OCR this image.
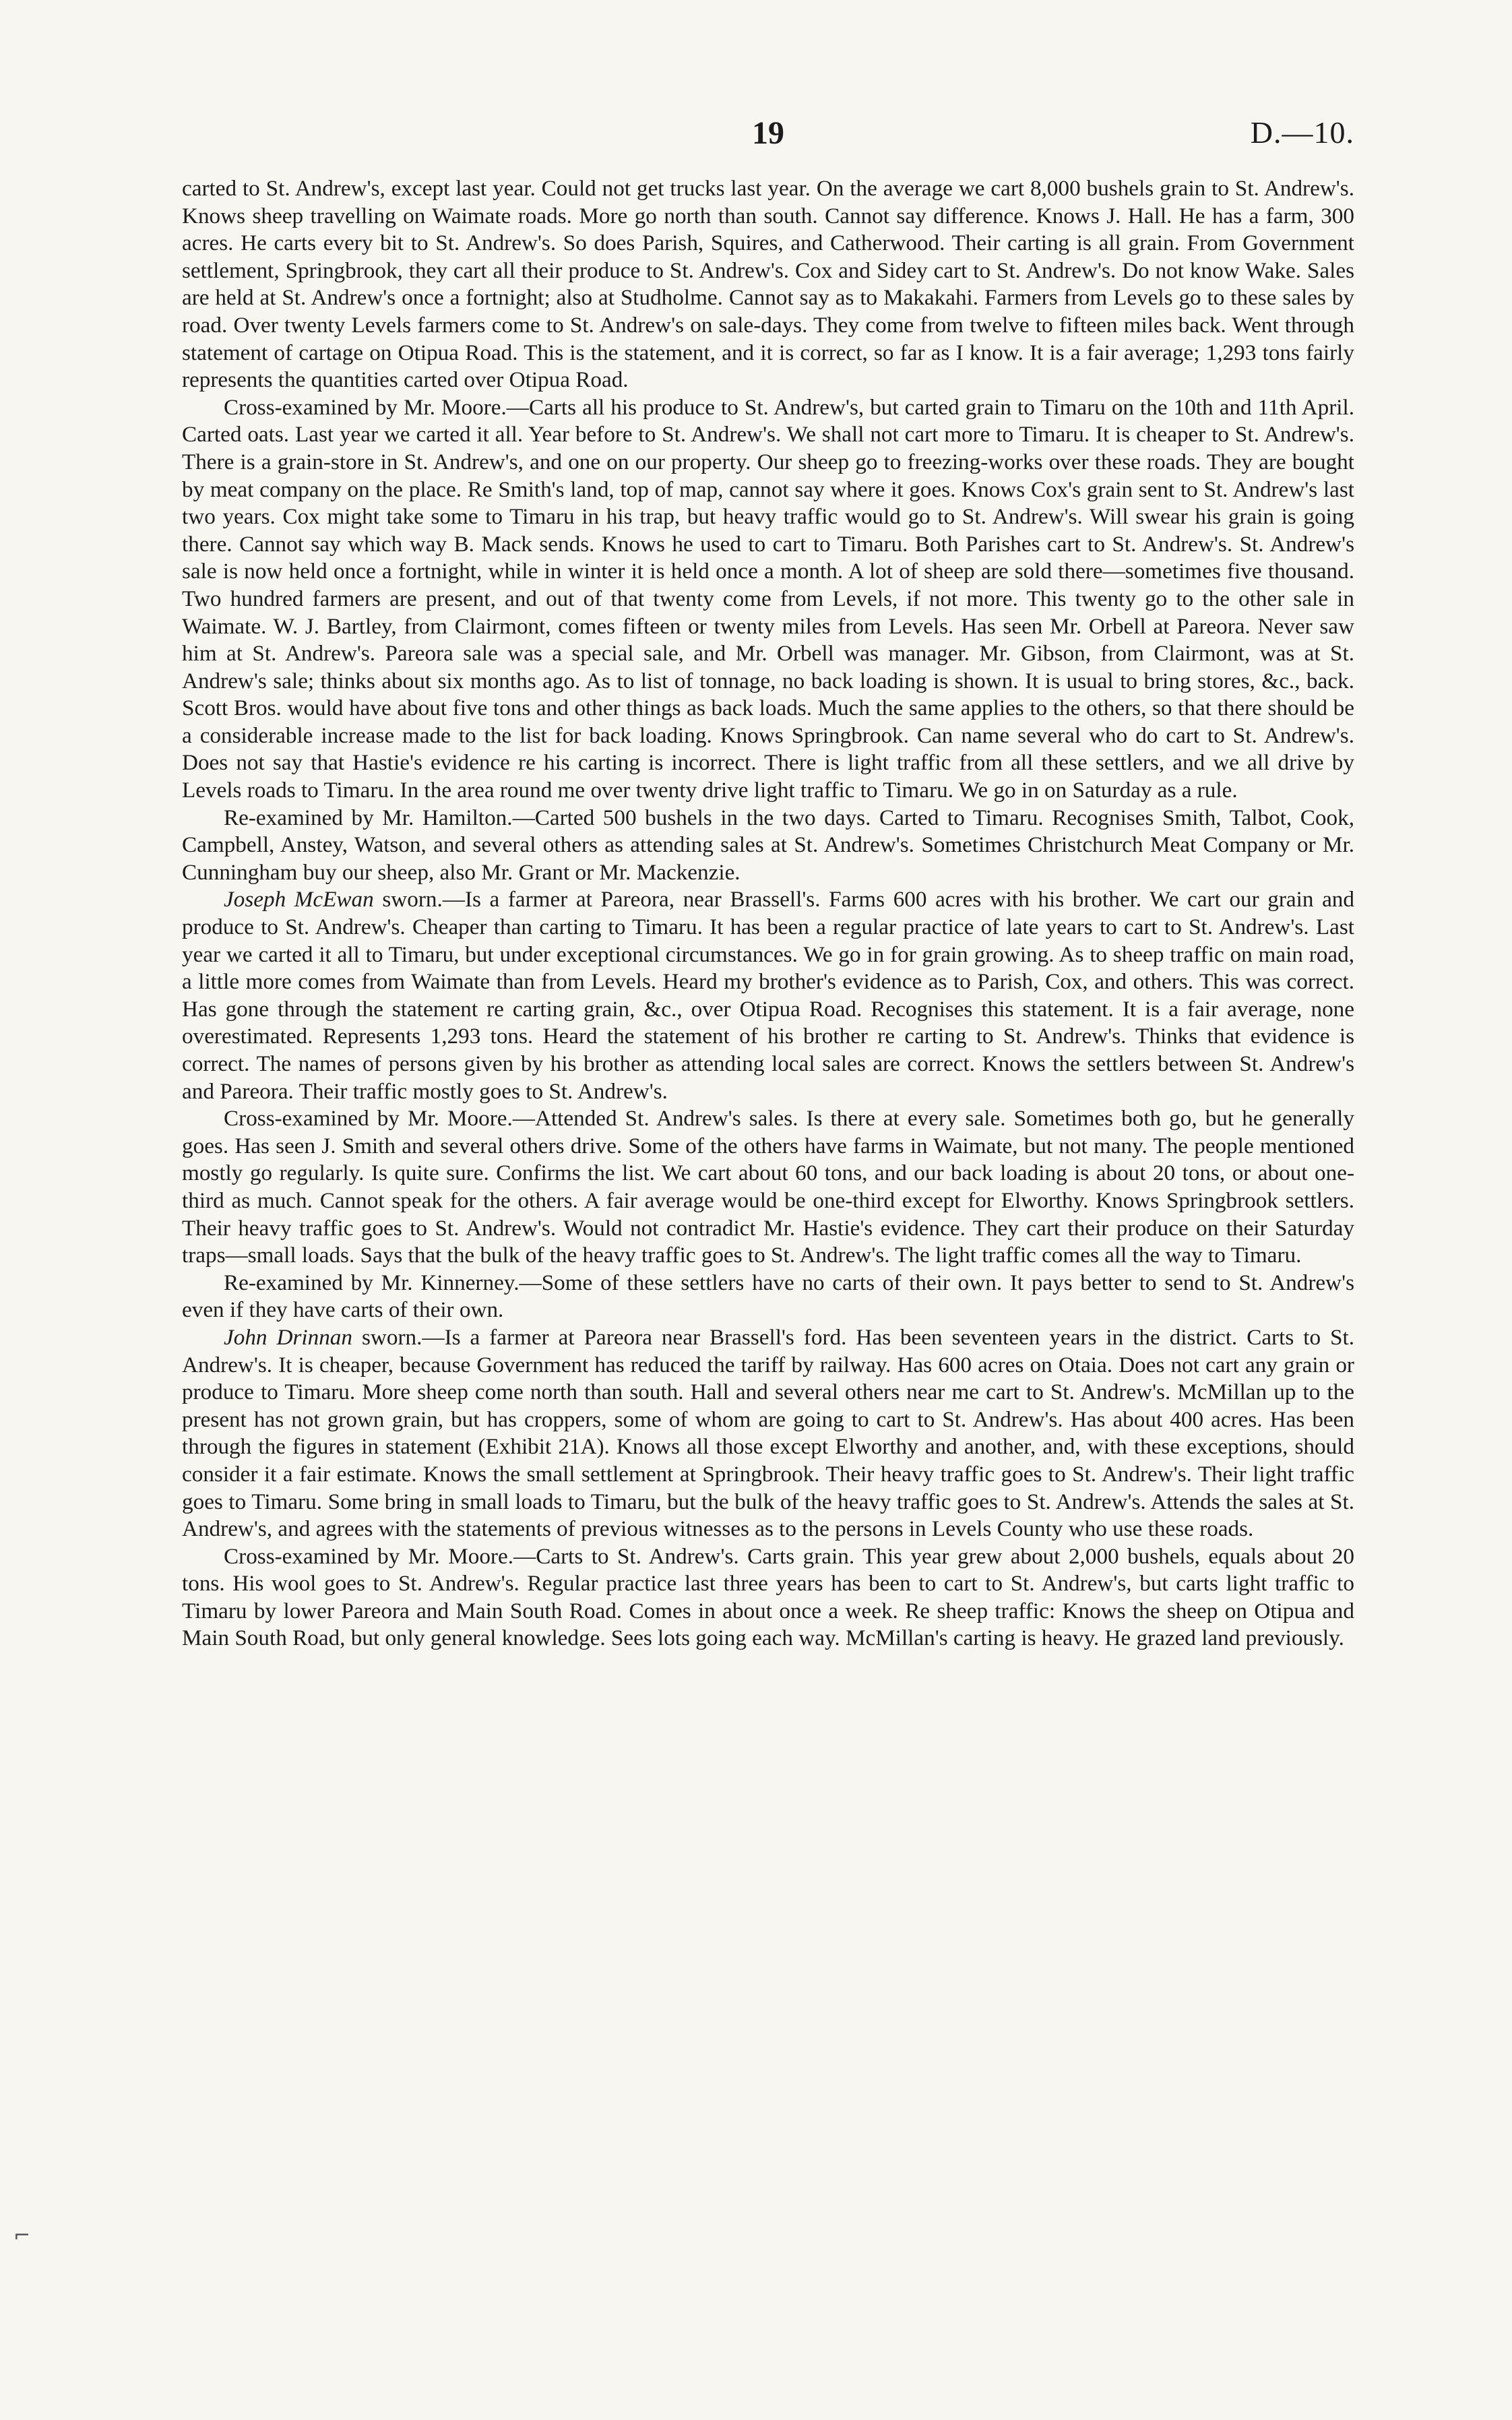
⌐
19	D.—10.

carted to St. Andrew's, except last year. Could not get trucks last year. On the average we cart 8,000 bushels grain to St. Andrew's. Knows sheep travelling on Waimate roads. More go north than south. Cannot say difference. Knows J. Hall. He has a farm, 300 acres. He carts every bit to St. Andrew's. So does Parish, Squires, and Catherwood. Their carting is all grain. From Government settlement, Springbrook, they cart all their produce to St. Andrew's. Cox and Sidey cart to St. Andrew's. Do not know Wake. Sales are held at St. Andrew's once a fortnight; also at Studholme. Cannot say as to Makakahi. Farmers from Levels go to these sales by road. Over twenty Levels farmers come to St. Andrew's on sale-days. They come from twelve to fifteen miles back. Went through statement of cartage on Otipua Road. This is the statement, and it is correct, so far as I know. It is a fair average; 1,293 tons fairly represents the quantities carted over Otipua Road.

Cross-examined by Mr. Moore.—Carts all his produce to St. Andrew's, but carted grain to Timaru on the 10th and 11th April. Carted oats. Last year we carted it all. Year before to St. Andrew's. We shall not cart more to Timaru. It is cheaper to St. Andrew's. There is a grain-store in St. Andrew's, and one on our property. Our sheep go to freezing-works over these roads. They are bought by meat company on the place. Re Smith's land, top of map, cannot say where it goes. Knows Cox's grain sent to St. Andrew's last two years. Cox might take some to Timaru in his trap, but heavy traffic would go to St. Andrew's. Will swear his grain is going there. Cannot say which way B. Mack sends. Knows he used to cart to Timaru. Both Parishes cart to St. Andrew's. St. Andrew's sale is now held once a fortnight, while in winter it is held once a month. A lot of sheep are sold there—sometimes five thousand. Two hundred farmers are present, and out of that twenty come from Levels, if not more. This twenty go to the other sale in Waimate. W. J. Bartley, from Clairmont, comes fifteen or twenty miles from Levels. Has seen Mr. Orbell at Pareora. Never saw him at St. Andrew's. Pareora sale was a special sale, and Mr. Orbell was manager. Mr. Gibson, from Clairmont, was at St. Andrew's sale; thinks about six months ago. As to list of tonnage, no back loading is shown. It is usual to bring stores, &c., back. Scott Bros. would have about five tons and other things as back loads. Much the same applies to the others, so that there should be a considerable increase made to the list for back loading. Knows Springbrook. Can name several who do cart to St. Andrew's. Does not say that Hastie's evidence re his carting is incorrect. There is light traffic from all these settlers, and we all drive by Levels roads to Timaru. In the area round me over twenty drive light traffic to Timaru. We go in on Saturday as a rule.

Re-examined by Mr. Hamilton.—Carted 500 bushels in the two days. Carted to Timaru. Recognises Smith, Talbot, Cook, Campbell, Anstey, Watson, and several others as attending sales at St. Andrew's. Sometimes Christchurch Meat Company or Mr. Cunningham buy our sheep, also Mr. Grant or Mr. Mackenzie.

Joseph McEwan sworn.—Is a farmer at Pareora, near Brassell's. Farms 600 acres with his brother. We cart our grain and produce to St. Andrew's. Cheaper than carting to Timaru. It has been a regular practice of late years to cart to St. Andrew's. Last year we carted it all to Timaru, but under exceptional circumstances. We go in for grain growing. As to sheep traffic on main road, a little more comes from Waimate than from Levels. Heard my brother's evidence as to Parish, Cox, and others. This was correct. Has gone through the statement re carting grain, &c., over Otipua Road. Recognises this statement. It is a fair average, none overestimated. Represents 1,293 tons. Heard the statement of his brother re carting to St. Andrew's. Thinks that evidence is correct. The names of persons given by his brother as attending local sales are correct. Knows the settlers between St. Andrew's and Pareora. Their traffic mostly goes to St. Andrew's.

Cross-examined by Mr. Moore.—Attended St. Andrew's sales. Is there at every sale. Sometimes both go, but he generally goes. Has seen J. Smith and several others drive. Some of the others have farms in Waimate, but not many. The people mentioned mostly go regularly. Is quite sure. Confirms the list. We cart about 60 tons, and our back loading is about 20 tons, or about one-third as much. Cannot speak for the others. A fair average would be one-third except for Elworthy. Knows Springbrook settlers. Their heavy traffic goes to St. Andrew's. Would not contradict Mr. Hastie's evidence. They cart their produce on their Saturday traps—small loads. Says that the bulk of the heavy traffic goes to St. Andrew's. The light traffic comes all the way to Timaru.

Re-examined by Mr. Kinnerney.—Some of these settlers have no carts of their own. It pays better to send to St. Andrew's even if they have carts of their own.

John Drinnan sworn.—Is a farmer at Pareora near Brassell's ford. Has been seventeen years in the district. Carts to St. Andrew's. It is cheaper, because Government has reduced the tariff by railway. Has 600 acres on Otaia. Does not cart any grain or produce to Timaru. More sheep come north than south. Hall and several others near me cart to St. Andrew's. McMillan up to the present has not grown grain, but has croppers, some of whom are going to cart to St. Andrew's. Has about 400 acres. Has been through the figures in statement (Exhibit 21A). Knows all those except Elworthy and another, and, with these exceptions, should consider it a fair estimate. Knows the small settlement at Springbrook. Their heavy traffic goes to St. Andrew's. Their light traffic goes to Timaru. Some bring in small loads to Timaru, but the bulk of the heavy traffic goes to St. Andrew's. Attends the sales at St. Andrew's, and agrees with the statements of previous witnesses as to the persons in Levels County who use these roads.

Cross-examined by Mr. Moore.—Carts to St. Andrew's. Carts grain. This year grew about 2,000 bushels, equals about 20 tons. His wool goes to St. Andrew's. Regular practice last three years has been to cart to St. Andrew's, but carts light traffic to Timaru by lower Pareora and Main South Road. Comes in about once a week. Re sheep traffic: Knows the sheep on Otipua and Main South Road, but only general knowledge. Sees lots going each way. McMillan's carting is heavy. He grazed land previously.
